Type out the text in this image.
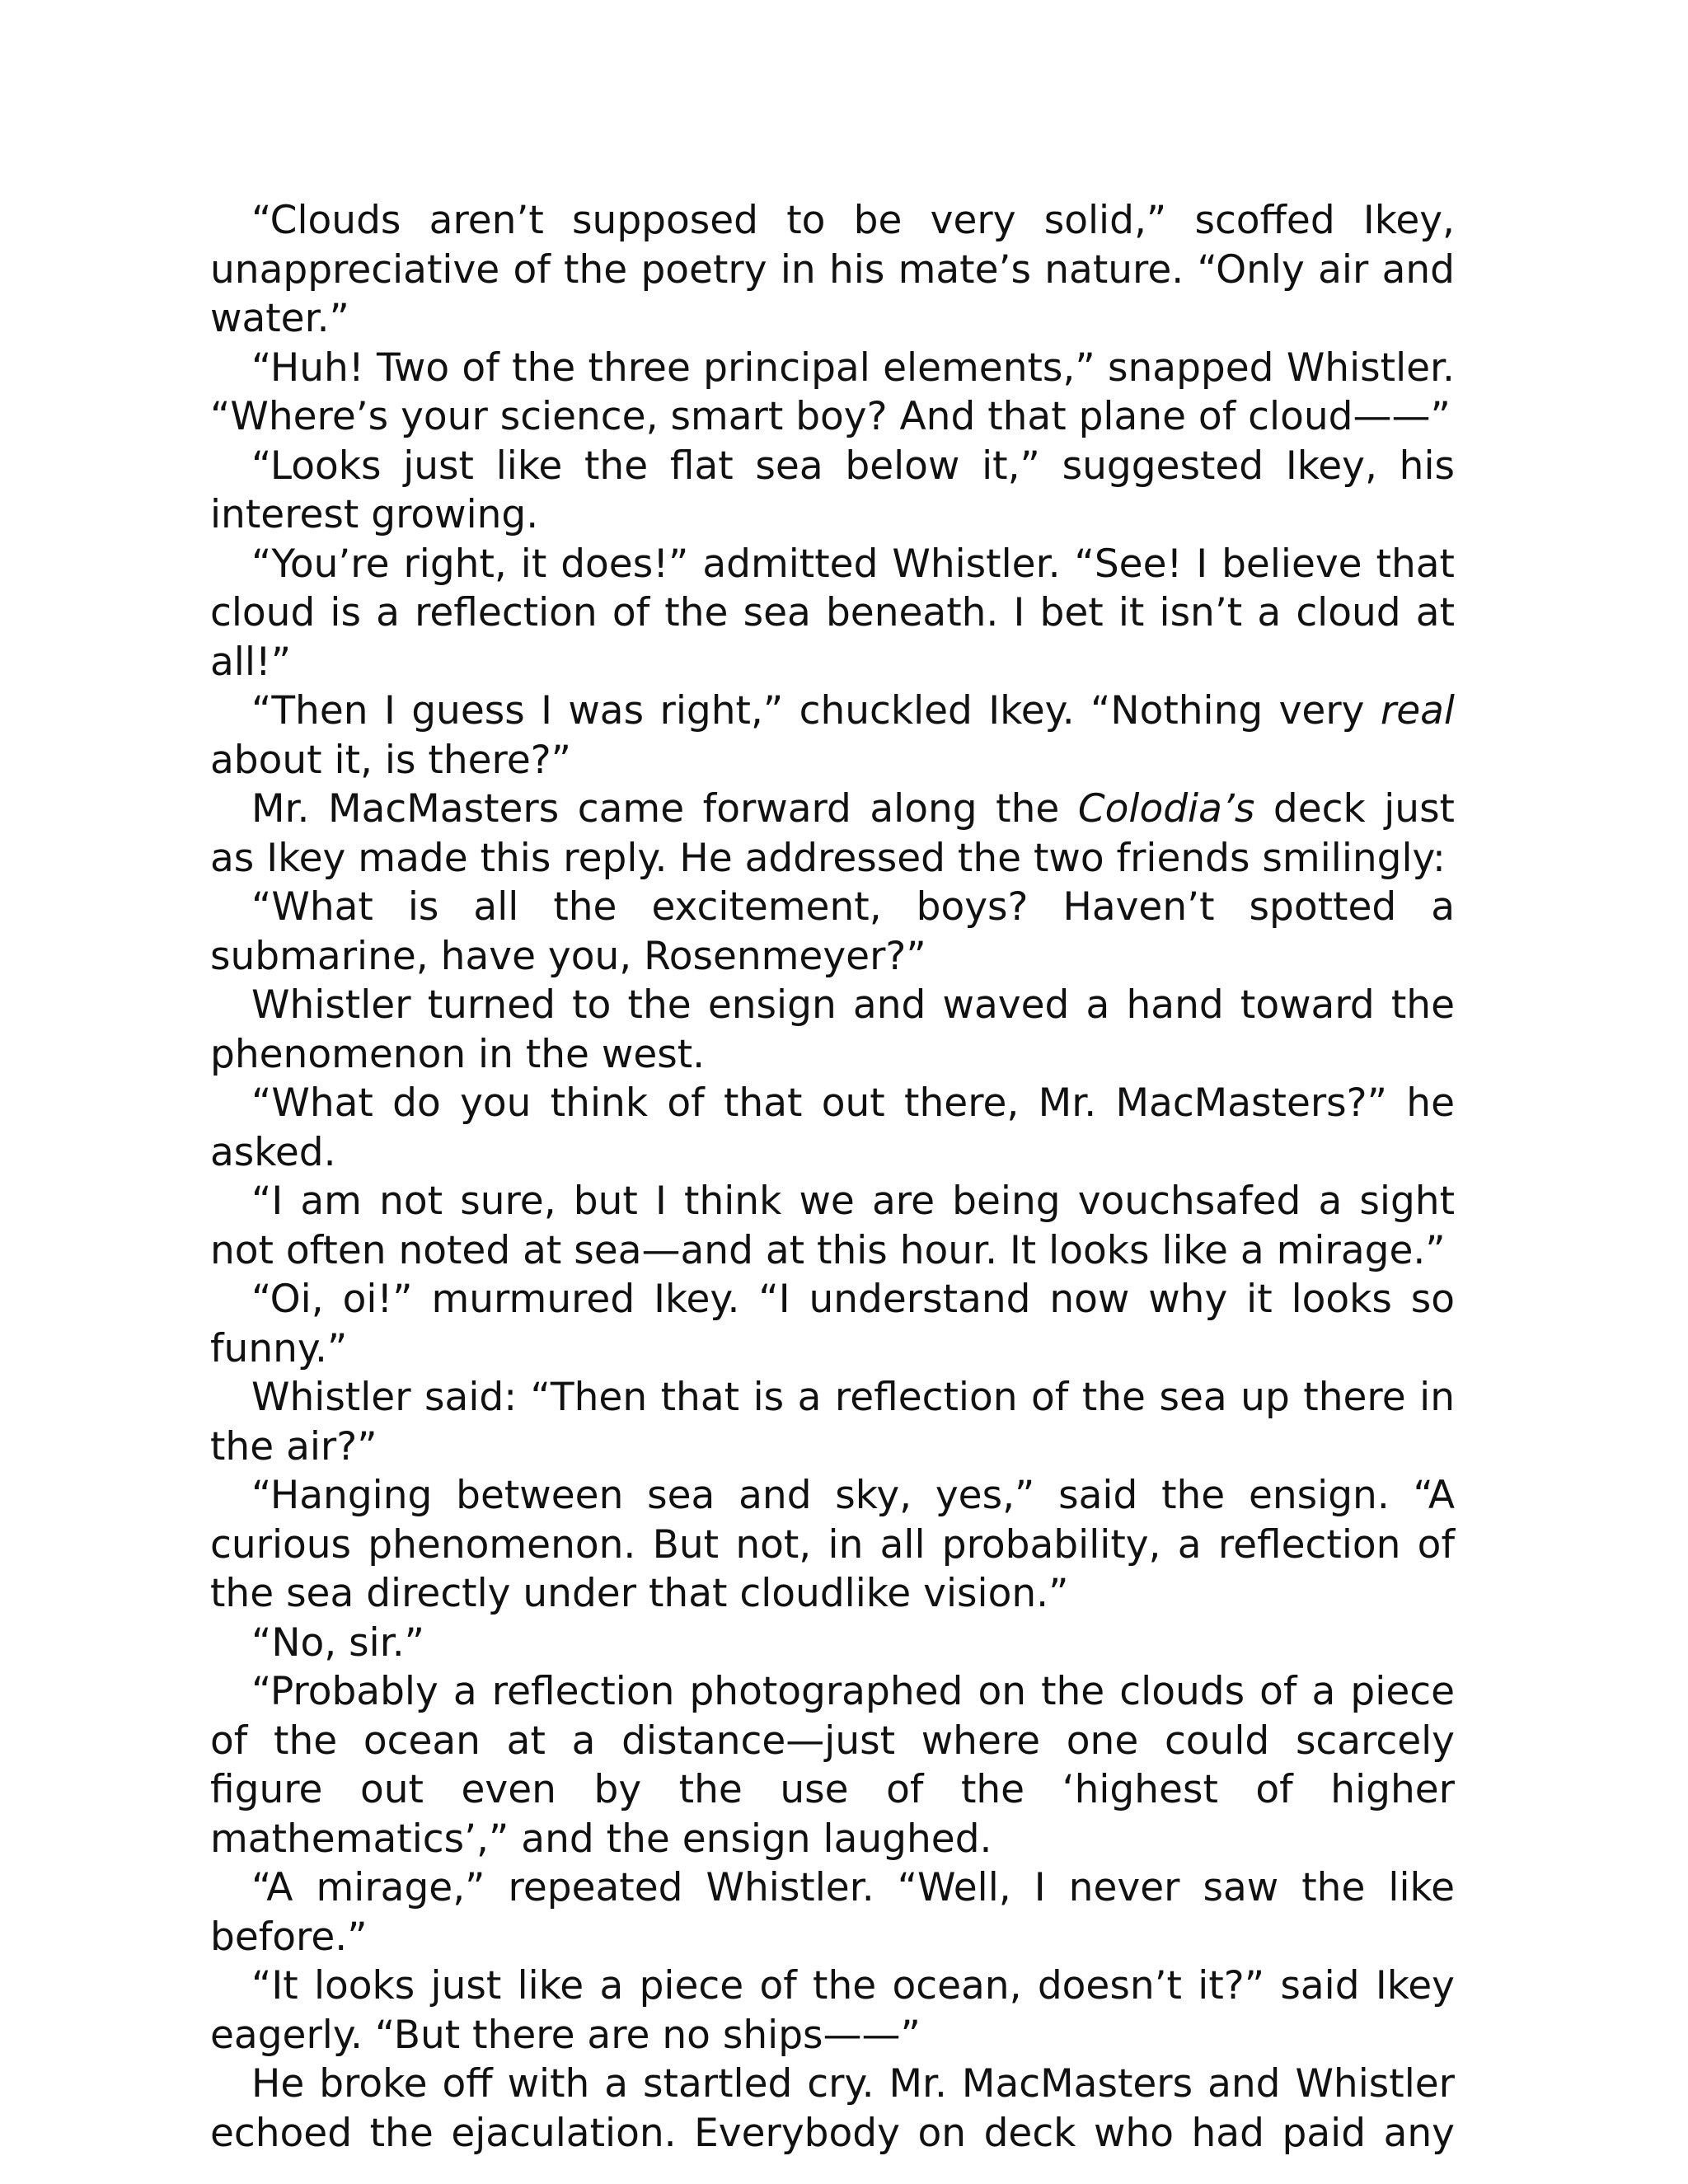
“Clouds aren’t supposed to be very solid,” scoffed Ikey, unappreciative of the poetry in his mate’s nature. “Only air and water.”

“Huh! Two of the three principal elements,” snapped Whistler. “Where’s your science, smart boy? And that plane of cloud——”

“Looks just like the flat sea below it,” suggested Ikey, his interest growing.

“You’re right, it does!” admitted Whistler. “See! I believe that cloud is a reflection of the sea beneath. I bet it isn’t a cloud at all!”

“Then I guess I was right,” chuckled Ikey. “Nothing very real about it, is there?”

Mr. MacMasters came forward along the Colodia’s deck just as Ikey made this reply. He addressed the two friends smilingly:

“What is all the excitement, boys? Haven’t spotted a submarine, have you, Rosenmeyer?”

Whistler turned to the ensign and waved a hand toward the phenomenon in the west.

“What do you think of that out there, Mr. MacMasters?” he asked.

“I am not sure, but I think we are being vouchsafed a sight not often noted at sea—and at this hour. It looks like a mirage.”

“Oi, oi!” murmured Ikey. “I understand now why it looks so funny.”

Whistler said: “Then that is a reflection of the sea up there in the air?”

“Hanging between sea and sky, yes,” said the ensign. “A curious phenomenon. But not, in all probability, a reflection of the sea directly under that cloudlike vision.”

“No, sir.”

“Probably a reflection photographed on the clouds of a piece of the ocean at a distance—just where one could scarcely figure out even by the use of the ‘highest of higher mathematics’,” and the ensign laughed.

“A mirage,” repeated Whistler. “Well, I never saw the like before.”

“It looks just like a piece of the ocean, doesn’t it?” said Ikey eagerly. “But there are no ships——”

He broke off with a startled cry. Mr. MacMasters and Whistler echoed the ejaculation. Everybody on deck who had paid any
